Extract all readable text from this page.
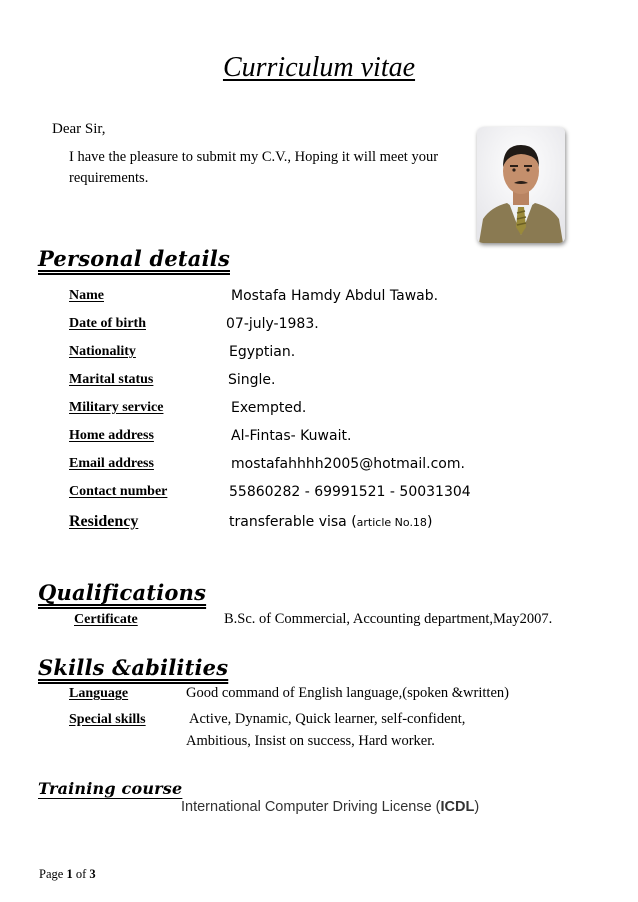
Curriculum vitae
Dear Sir,
I have the pleasure to submit my C.V., Hoping it will meet your
requirements.
Personal details
Name	Mostafa Hamdy Abdul Tawab.
Date of birth	07-july-1983.
Nationality	Egyptian.
Marital status	Single.
Military service	Exempted.
Home address	Al-Fintas- Kuwait.
Email address	mostafahhhh2005@hotmail.com.
Contact number	55860282 - 69991521 - 50031304
Residency	transferable visa (article No.18)
Qualifications
Certificate	B.Sc. of Commercial, Accounting department,May2007.
Skills &abilities
Language	Good command of English language,(spoken &written)
Special skills	Active, Dynamic, Quick learner, self-confident,
Ambitious, Insist on success, Hard worker.
Training course
International Computer Driving License (ICDL)
Page 1 of 3
